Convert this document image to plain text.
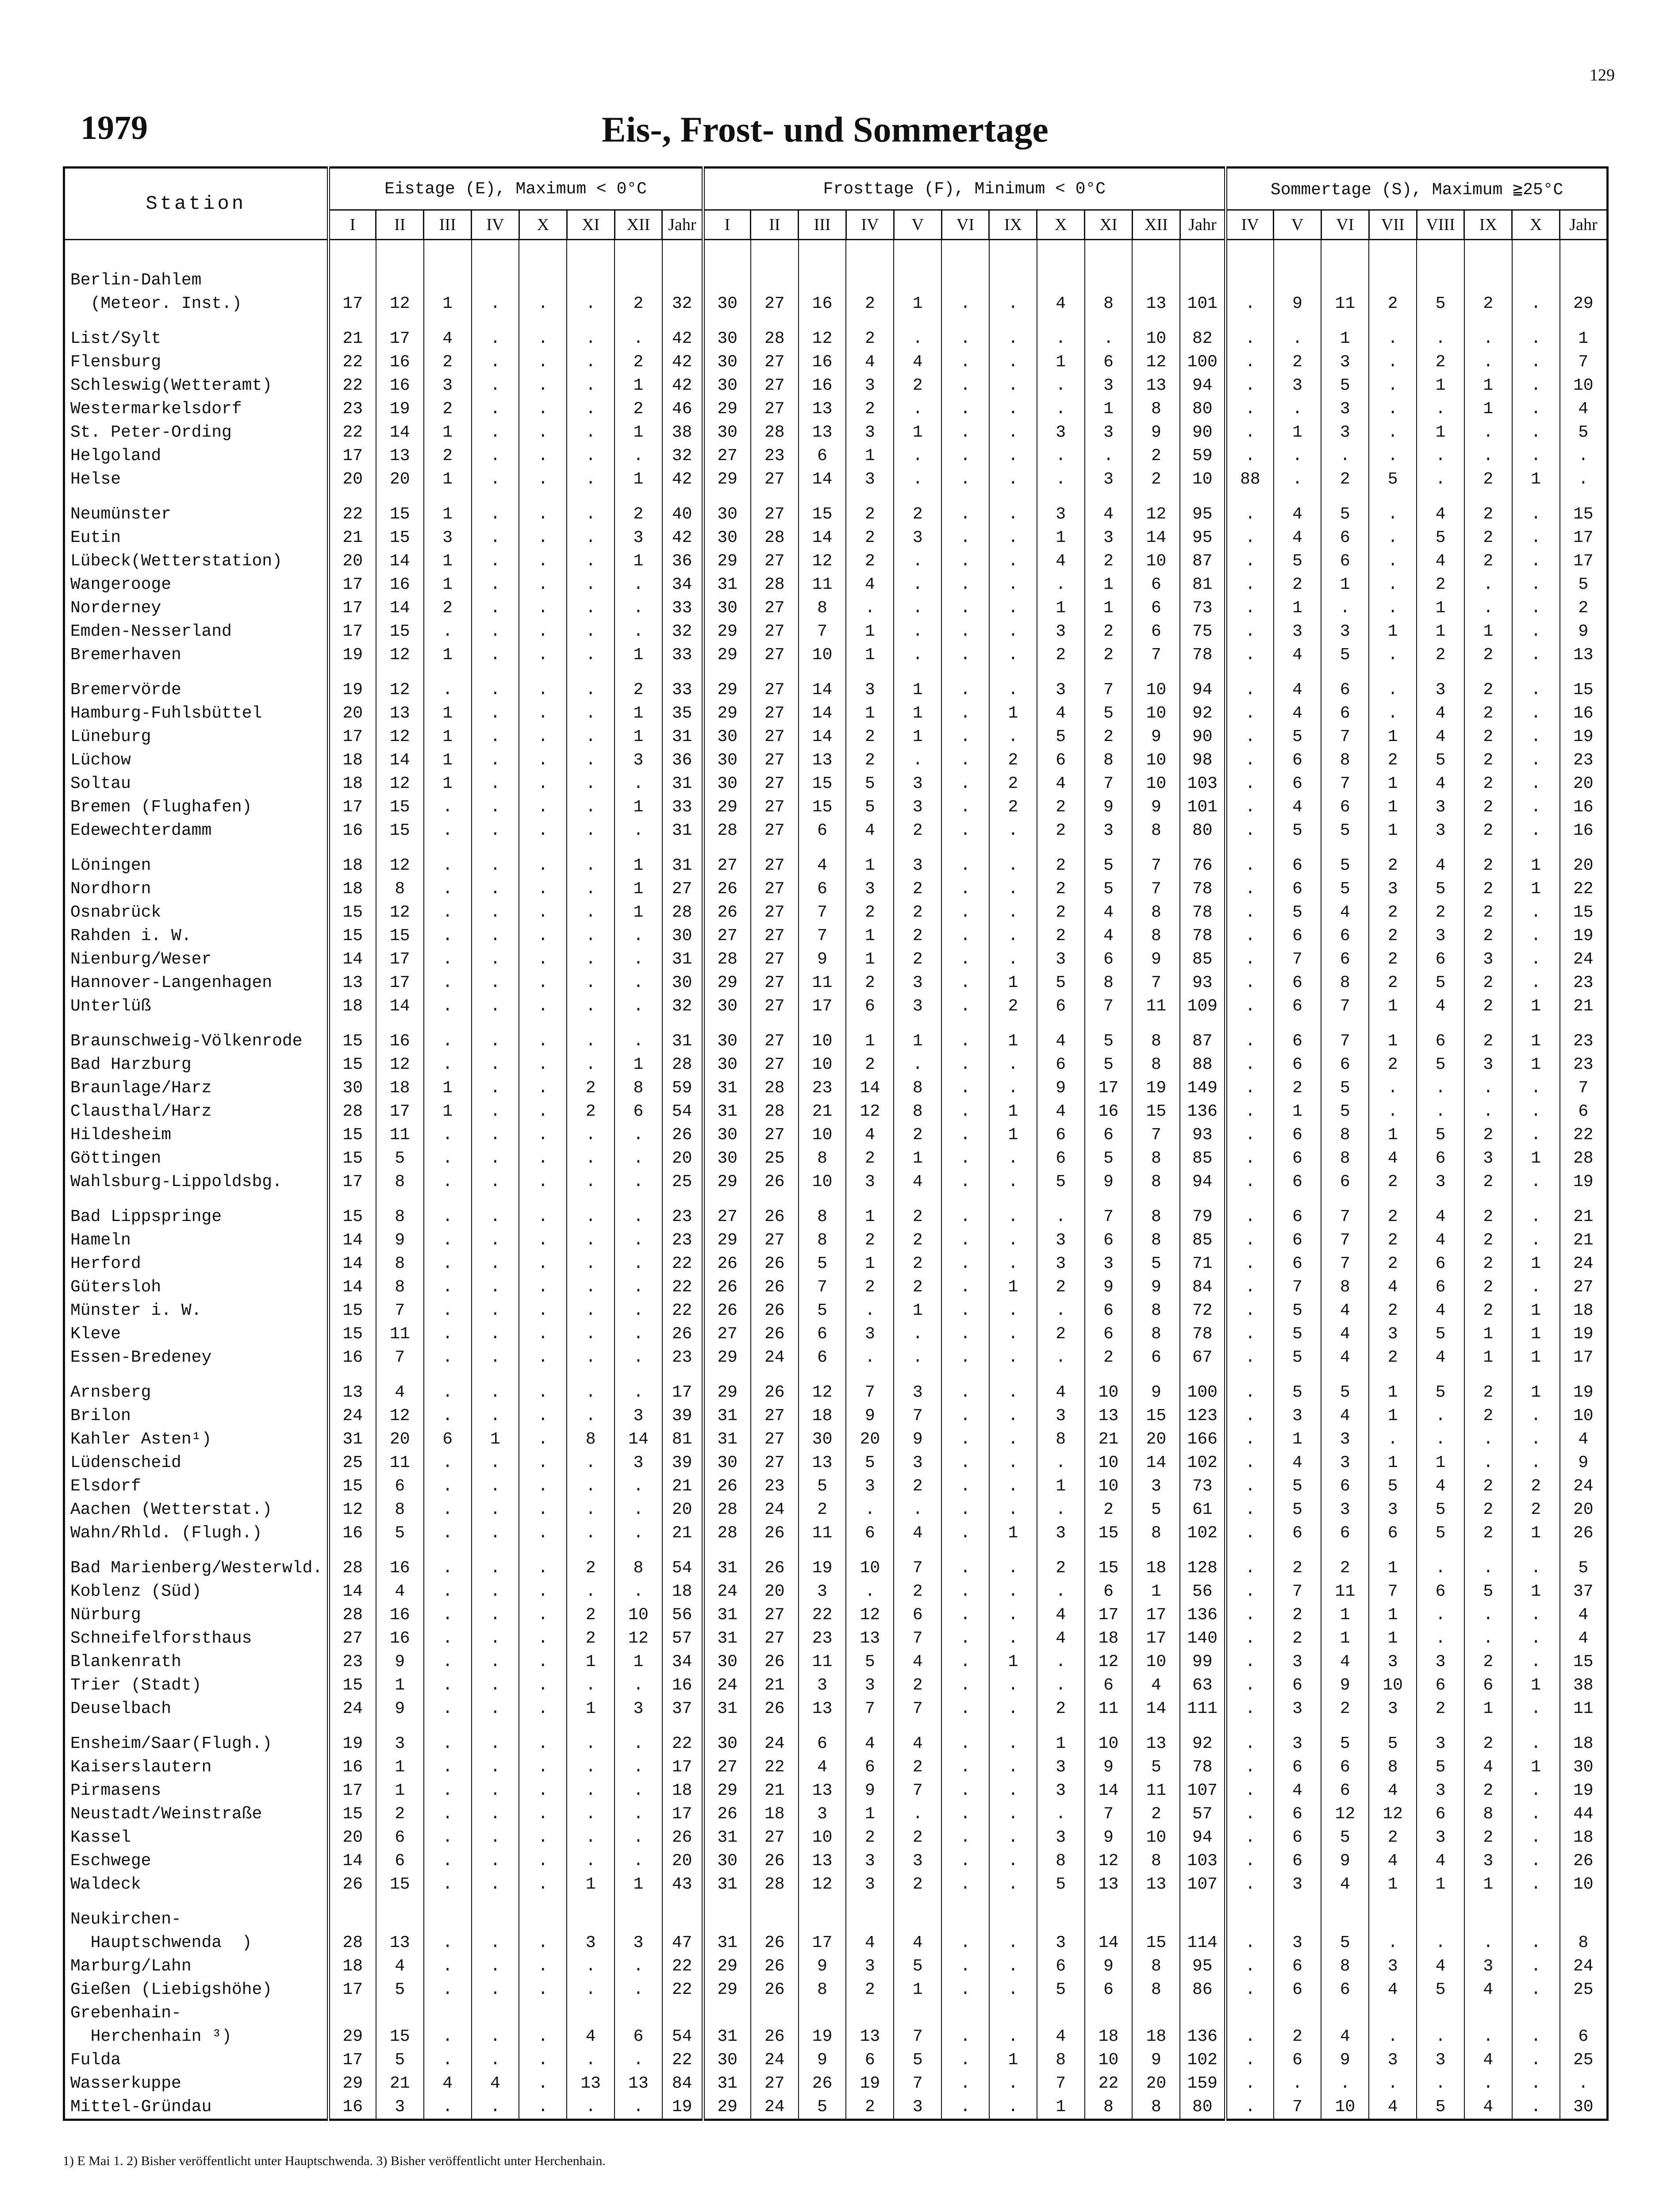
129
1979	Eis-, Frost- und Sommertage
Station	Eistage (E), Maximum < 0°C								Frosttage (F), Minimum < 0°C											Sommertage (S), Maximum ≧25°C							
	I	II	III	IV	X	XI	XII	Jahr	I	II	III	IV	V	VI	IX	X	XI	XII	Jahr	IV	V	VI	VII	VIII	IX	X	Jahr

Berlin-Dahlem																											
(Meteor. Inst.)	17	12	1	.	.	.	2	32	30	27	16	2	1	.	.	4	8	13	101	.	9	11	2	5	2	.	29

List/Sylt	21	17	4	.	.	.	.	42	30	28	12	2	.	.	.	.	.	10	82	.	.	1	.	.	.	.	1
Flensburg	22	16	2	.	.	.	2	42	30	27	16	4	4	.	.	1	6	12	100	.	2	3	.	2	.	.	7
Schleswig(Wetteramt)	22	16	3	.	.	.	1	42	30	27	16	3	2	.	.	.	3	13	94	.	3	5	.	1	1	.	10
Westermarkelsdorf	23	19	2	.	.	.	2	46	29	27	13	2	.	.	.	.	1	8	80	.	.	3	.	.	1	.	4
St. Peter-Ording	22	14	1	.	.	.	1	38	30	28	13	3	1	.	.	3	3	9	90	.	1	3	.	1	.	.	5
Helgoland	17	13	2	.	.	.	.	32	27	23	6	1	.	.	.	.	.	2	59	.	.	.	.	.	.	.	.
Helse	20	20	1	.	.	.	1	42	29	27	14	3	.	.	.	.	3	2	10	88	.	2	5	.	2	1	.

Neumünster	22	15	1	.	.	.	2	40	30	27	15	2	2	.	.	3	4	12	95	.	4	5	.	4	2	.	15
Eutin	21	15	3	.	.	.	3	42	30	28	14	2	3	.	.	1	3	14	95	.	4	6	.	5	2	.	17
Lübeck(Wetterstation)	20	14	1	.	.	.	1	36	29	27	12	2	.	.	.	4	2	10	87	.	5	6	.	4	2	.	17
Wangerooge	17	16	1	.	.	.	.	34	31	28	11	4	.	.	.	.	1	6	81	.	2	1	.	2	.	.	5
Norderney	17	14	2	.	.	.	.	33	30	27	8	.	.	.	.	1	1	6	73	.	1	.	.	1	.	.	2
Emden-Nesserland	17	15	.	.	.	.	.	32	29	27	7	1	.	.	.	3	2	6	75	.	3	3	1	1	1	.	9
Bremerhaven	19	12	1	.	.	.	1	33	29	27	10	1	.	.	.	2	2	7	78	.	4	5	.	2	2	.	13

Bremervörde	19	12	.	.	.	.	2	33	29	27	14	3	1	.	.	3	7	10	94	.	4	6	.	3	2	.	15
Hamburg-Fuhlsbüttel	20	13	1	.	.	.	1	35	29	27	14	1	1	.	1	4	5	10	92	.	4	6	.	4	2	.	16
Lüneburg	17	12	1	.	.	.	1	31	30	27	14	2	1	.	.	5	2	9	90	.	5	7	1	4	2	.	19
Lüchow	18	14	1	.	.	.	3	36	30	27	13	2	.	.	2	6	8	10	98	.	6	8	2	5	2	.	23
Soltau	18	12	1	.	.	.	.	31	30	27	15	5	3	.	2	4	7	10	103	.	6	7	1	4	2	.	20
Bremen (Flughafen)	17	15	.	.	.	.	1	33	29	27	15	5	3	.	2	2	9	9	101	.	4	6	1	3	2	.	16
Edewechterdamm	16	15	.	.	.	.	.	31	28	27	6	4	2	.	.	2	3	8	80	.	5	5	1	3	2	.	16

Löningen	18	12	.	.	.	.	1	31	27	27	4	1	3	.	.	2	5	7	76	.	6	5	2	4	2	1	20
Nordhorn	18	8	.	.	.	.	1	27	26	27	6	3	2	.	.	2	5	7	78	.	6	5	3	5	2	1	22
Osnabrück	15	12	.	.	.	.	1	28	26	27	7	2	2	.	.	2	4	8	78	.	5	4	2	2	2	.	15
Rahden i. W.	15	15	.	.	.	.	.	30	27	27	7	1	2	.	.	2	4	8	78	.	6	6	2	3	2	.	19
Nienburg/Weser	14	17	.	.	.	.	.	31	28	27	9	1	2	.	.	3	6	9	85	.	7	6	2	6	3	.	24
Hannover-Langenhagen	13	17	.	.	.	.	.	30	29	27	11	2	3	.	1	5	8	7	93	.	6	8	2	5	2	.	23
Unterlüß	18	14	.	.	.	.	.	32	30	27	17	6	3	.	2	6	7	11	109	.	6	7	1	4	2	1	21

Braunschweig-Völkenrode	15	16	.	.	.	.	.	31	30	27	10	1	1	.	1	4	5	8	87	.	6	7	1	6	2	1	23
Bad Harzburg	15	12	.	.	.	.	1	28	30	27	10	2	.	.	.	6	5	8	88	.	6	6	2	5	3	1	23
Braunlage/Harz	30	18	1	.	.	2	8	59	31	28	23	14	8	.	.	9	17	19	149	.	2	5	.	.	.	.	7
Clausthal/Harz	28	17	1	.	.	2	6	54	31	28	21	12	8	.	1	4	16	15	136	.	1	5	.	.	.	.	6
Hildesheim	15	11	.	.	.	.	.	26	30	27	10	4	2	.	1	6	6	7	93	.	6	8	1	5	2	.	22
Göttingen	15	5	.	.	.	.	.	20	30	25	8	2	1	.	.	6	5	8	85	.	6	8	4	6	3	1	28
Wahlsburg-Lippoldsbg.	17	8	.	.	.	.	.	25	29	26	10	3	4	.	.	5	9	8	94	.	6	6	2	3	2	.	19

Bad Lippspringe	15	8	.	.	.	.	.	23	27	26	8	1	2	.	.	.	7	8	79	.	6	7	2	4	2	.	21
Hameln	14	9	.	.	.	.	.	23	29	27	8	2	2	.	.	3	6	8	85	.	6	7	2	4	2	.	21
Herford	14	8	.	.	.	.	.	22	26	26	5	1	2	.	.	3	3	5	71	.	6	7	2	6	2	1	24
Gütersloh	14	8	.	.	.	.	.	22	26	26	7	2	2	.	1	2	9	9	84	.	7	8	4	6	2	.	27
Münster i. W.	15	7	.	.	.	.	.	22	26	26	5	.	1	.	.	.	6	8	72	.	5	4	2	4	2	1	18
Kleve	15	11	.	.	.	.	.	26	27	26	6	3	.	.	.	2	6	8	78	.	5	4	3	5	1	1	19
Essen-Bredeney	16	7	.	.	.	.	.	23	29	24	6	.	.	.	.	.	2	6	67	.	5	4	2	4	1	1	17

Arnsberg	13	4	.	.	.	.	.	17	29	26	12	7	3	.	.	4	10	9	100	.	5	5	1	5	2	1	19
Brilon	24	12	.	.	.	.	3	39	31	27	18	9	7	.	.	3	13	15	123	.	3	4	1	.	2	.	10
Kahler Asten¹)	31	20	6	1	.	8	14	81	31	27	30	20	9	.	.	8	21	20	166	.	1	3	.	.	.	.	4
Lüdenscheid	25	11	.	.	.	.	3	39	30	27	13	5	3	.	.	.	10	14	102	.	4	3	1	1	.	.	9
Elsdorf	15	6	.	.	.	.	.	21	26	23	5	3	2	.	.	1	10	3	73	.	5	6	5	4	2	2	24
Aachen (Wetterstat.)	12	8	.	.	.	.	.	20	28	24	2	.	.	.	.	.	2	5	61	.	5	3	3	5	2	2	20
Wahn/Rhld. (Flugh.)	16	5	.	.	.	.	.	21	28	26	11	6	4	.	1	3	15	8	102	.	6	6	6	5	2	1	26

Bad Marienberg/Westerwld.	28	16	.	.	.	2	8	54	31	26	19	10	7	.	.	2	15	18	128	.	2	2	1	.	.	.	5
Koblenz (Süd)	14	4	.	.	.	.	.	18	24	20	3	.	2	.	.	.	6	1	56	.	7	11	7	6	5	1	37
Nürburg	28	16	.	.	.	2	10	56	31	27	22	12	6	.	.	4	17	17	136	.	2	1	1	.	.	.	4
Schneifelforsthaus	27	16	.	.	.	2	12	57	31	27	23	13	7	.	.	4	18	17	140	.	2	1	1	.	.	.	4
Blankenrath	23	9	.	.	.	1	1	34	30	26	11	5	4	.	1	.	12	10	99	.	3	4	3	3	2	.	15
Trier (Stadt)	15	1	.	.	.	.	.	16	24	21	3	3	2	.	.	.	6	4	63	.	6	9	10	6	6	1	38
Deuselbach	24	9	.	.	.	1	3	37	31	26	13	7	7	.	.	2	11	14	111	.	3	2	3	2	1	.	11

Ensheim/Saar(Flugh.)	19	3	.	.	.	.	.	22	30	24	6	4	4	.	.	1	10	13	92	.	3	5	5	3	2	.	18
Kaiserslautern	16	1	.	.	.	.	.	17	27	22	4	6	2	.	.	3	9	5	78	.	6	6	8	5	4	1	30
Pirmasens	17	1	.	.	.	.	.	18	29	21	13	9	7	.	.	3	14	11	107	.	4	6	4	3	2	.	19
Neustadt/Weinstraße	15	2	.	.	.	.	.	17	26	18	3	1	.	.	.	.	7	2	57	.	6	12	12	6	8	.	44
Kassel	20	6	.	.	.	.	.	26	31	27	10	2	2	.	.	3	9	10	94	.	6	5	2	3	2	.	18
Eschwege	14	6	.	.	.	.	.	20	30	26	13	3	3	.	.	8	12	8	103	.	6	9	4	4	3	.	26
Waldeck	26	15	.	.	.	1	1	43	31	28	12	3	2	.	.	5	13	13	107	.	3	4	1	1	1	.	10

Neukirchen-																											
Hauptschwenda  )	28	13	.	.	.	3	3	47	31	26	17	4	4	.	.	3	14	15	114	.	3	5	.	.	.	.	8
Marburg/Lahn	18	4	.	.	.	.	.	22	29	26	9	3	5	.	.	6	9	8	95	.	6	8	3	4	3	.	24
Gießen (Liebigshöhe)	17	5	.	.	.	.	.	22	29	26	8	2	1	.	.	5	6	8	86	.	6	6	4	5	4	.	25
Grebenhain-																											
Herchenhain ³)	29	15	.	.	.	4	6	54	31	26	19	13	7	.	.	4	18	18	136	.	2	4	.	.	.	.	6
Fulda	17	5	.	.	.	.	.	22	30	24	9	6	5	.	1	8	10	9	102	.	6	9	3	3	4	.	25
Wasserkuppe	29	21	4	4	.	13	13	84	31	27	26	19	7	.	.	7	22	20	159	.	.	.	.	.	.	.	.
Mittel-Gründau	16	3	.	.	.	.	.	19	29	24	5	2	3	.	.	1	8	8	80	.	7	10	4	5	4	.	30
1) E Mai 1. 2) Bisher veröffentlicht unter Hauptschwenda. 3) Bisher veröffentlicht unter Herchenhain.
